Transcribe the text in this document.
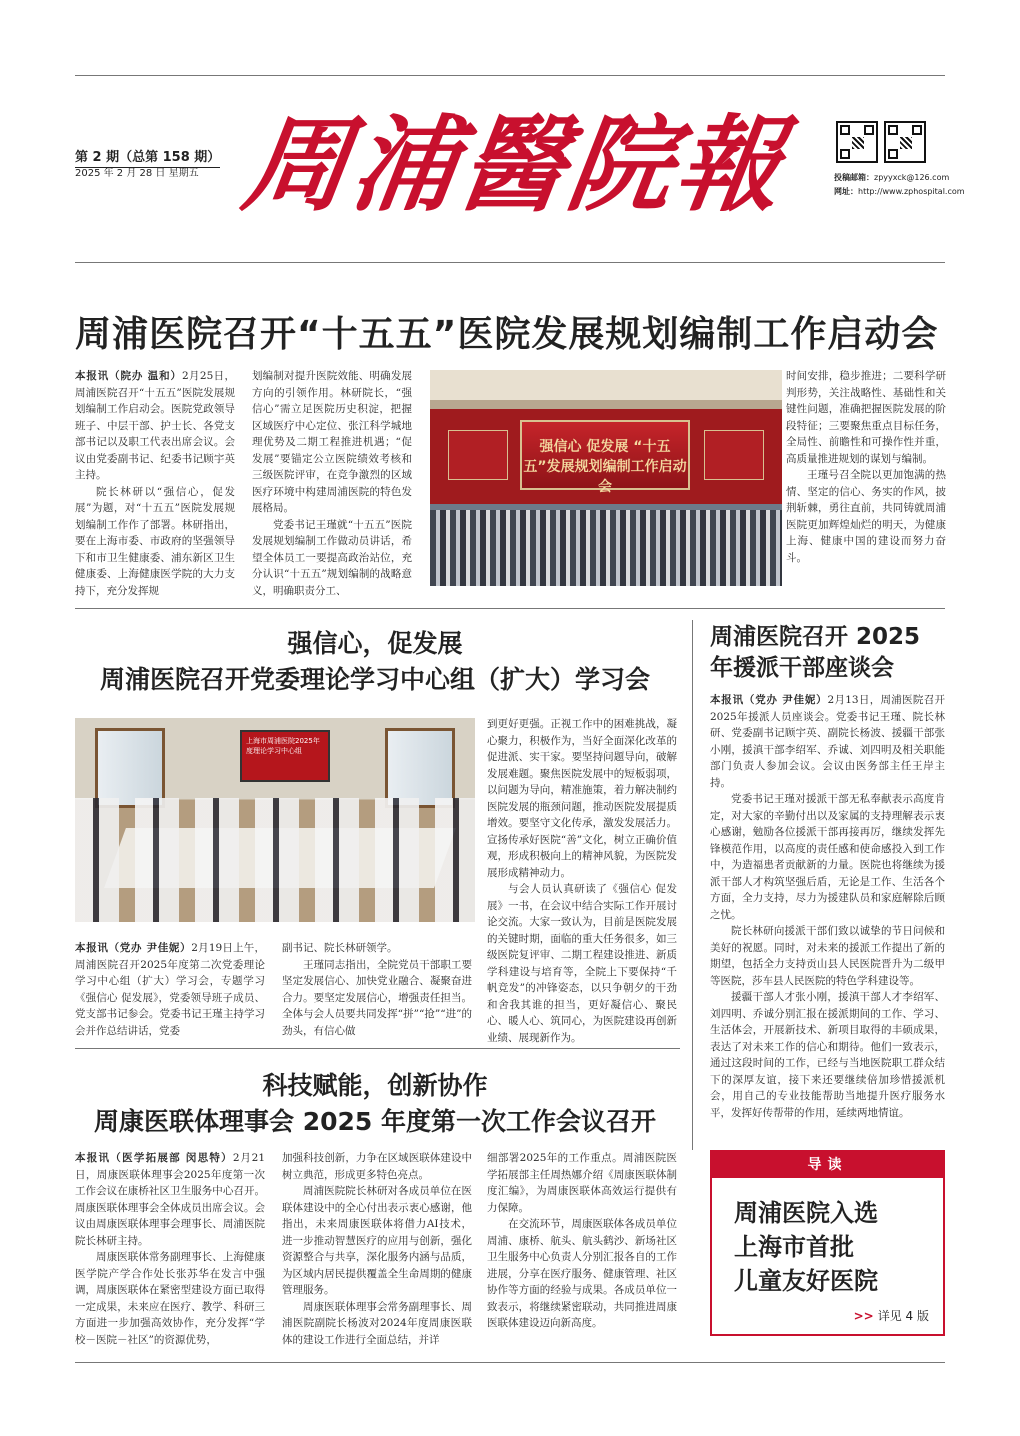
第 2 期（总第 158 期）
2025 年 2 月 28 日 星期五 周浦醫院報	投稿邮箱：zpyyxck@126.com
网址：http://www.zphospital.com
周浦医院召开“十五五”医院发展规划编制工作启动会

本报讯（院办 温和）2月25日，周浦医院召开“十五五”医院发展规划编制工作启动会。医院党政领导班子、中层干部、护士长、各党支部书记以及职工代表出席会议。会议由党委副书记、纪委书记顾宇英主持。

院长林研以“强信心，促发展”为题，对“十五五”医院发展规划编制工作作了部署。林研指出，要在上海市委、市政府的坚强领导下和市卫生健康委、浦东新区卫生健康委、上海健康医学院的大力支持下，充分发挥规

划编制对提升医院效能、明确发展方向的引领作用。林研院长，“强信心”需立足医院历史积淀，把握区域医疗中心定位、张江科学城地理优势及二期工程推进机遇；“促发展”要锚定公立医院绩效考核和三级医院评审，在竞争激烈的区域医疗环境中构建周浦医院的特色发展格局。

党委书记王瑾就“十五五”医院发展规划编制工作做动员讲话，希望全体员工一要提高政治站位，充分认识“十五五”规划编制的战略意义，明确职责分工、

强信心 促发展 “十五五”发展规划编制工作启动会

时间安排，稳步推进；二要科学研判形势，关注战略性、基础性和关键性问题，准确把握医院发展的阶段特征；三要聚焦重点目标任务，全局性、前瞻性和可操作性并重，高质量推进规划的谋划与编制。

王瑾号召全院以更加饱满的热情、坚定的信心、务实的作风，披荆斩棘，勇往直前，共同铸就周浦医院更加辉煌灿烂的明天，为健康上海、健康中国的建设而努力奋斗。

强信心，促发展
周浦医院召开党委理论学习中心组（扩大）学习会
上海市周浦医院2025年度理论学习中心组

到更好更强。正视工作中的困难挑战，凝心聚力，积极作为，当好全面深化改革的促进派、实干家。要坚持问题导向，破解发展难题。聚焦医院发展中的短板弱项，以问题为导向，精准施策，着力解决制约医院发展的瓶颈问题，推动医院发展提质增效。要坚守文化传承，激发发展活力。宣扬传承好医院“善”文化，树立正确价值观，形成积极向上的精神风貌，为医院发展形成精神动力。

与会人员认真研读了《强信心 促发展》一书，在会议中结合实际工作开展讨论交流。大家一致认为，目前是医院发展的关键时期，面临的重大任务很多，如三级医院复评审、二期工程建设推进、新质学科建设与培育等，全院上下要保持“千帆竞发”的冲锋姿态，以只争朝夕的干劲和舍我其谁的担当，更好凝信心、聚民心、暖人心、筑同心，为医院建设再创新业绩、展现新作为。

本报讯（党办 尹佳妮）2月19日上午，周浦医院召开2025年度第二次党委理论学习中心组（扩大）学习会，专题学习《强信心 促发展》，党委领导班子成员、党支部书记参会。党委书记王瑾主持学习会并作总结讲话，党委

副书记、院长林研领学。

王瑾同志指出，全院党员干部职工要坚定发展信心、加快党业融合、凝聚奋进合力。要坚定发展信心，增强责任担当。全体与会人员要共同发挥“拼”“抢”“进”的劲头，有信心做

周浦医院召开 2025 年援派干部座谈会

本报讯（党办 尹佳妮）2月13日，周浦医院召开2025年援派人员座谈会。党委书记王瑾、院长林研、党委副书记顾宇英、副院长杨波、援疆干部张小刚，援滇干部李绍军、乔诚、刘四明及相关职能部门负责人参加会议。会议由医务部主任王岸主持。

党委书记王瑾对援派干部无私奉献表示高度肯定，对大家的辛勤付出以及家属的支持理解表示衷心感谢，勉励各位援派干部再接再厉，继续发挥先锋模范作用，以高度的责任感和使命感投入到工作中，为造福患者贡献新的力量。医院也将继续为援派干部人才构筑坚强后盾，无论是工作、生活各个方面，全力支持，尽力为援建队员和家庭解除后顾之忧。

院长林研向援派干部们致以诚挚的节日问候和美好的祝愿。同时，对未来的援派工作提出了新的期望，包括全力支持贡山县人民医院晋升为二级甲等医院，莎车县人民医院的特色学科建设等。

援疆干部人才张小刚，援滇干部人才李绍军、刘四明、乔诚分别汇报在援派期间的工作、学习、生活体会，开展新技术、新项目取得的丰硕成果，表达了对未来工作的信心和期待。他们一致表示，通过这段时间的工作，已经与当地医院职工群众结下的深厚友谊，接下来还要继续倍加珍惜援派机会，用自己的专业技能帮助当地提升医疗服务水平，发挥好传帮带的作用，延续两地情谊。

科技赋能，创新协作
周康医联体理事会 2025 年度第一次工作会议召开

本报讯（医学拓展部 闵思特）2月21日，周康医联体理事会2025年度第一次工作会议在康桥社区卫生服务中心召开。周康医联体理事会全体成员出席会议。会议由周康医联体理事会理事长、周浦医院院长林研主持。

周康医联体常务副理事长、上海健康医学院产学合作处长张苏华在发言中强调，周康医联体在紧密型建设方面已取得一定成果，未来应在医疗、教学、科研三方面进一步加强高效协作，充分发挥“学校－医院－社区”的资源优势，

加强科技创新，力争在区域医联体建设中树立典范，形成更多特色亮点。

周浦医院院长林研对各成员单位在医联体建设中的全心付出表示衷心感谢，他指出，未来周康医联体将借力AI技术，进一步推动智慧医疗的应用与创新，强化资源整合与共享，深化服务内涵与品质，为区域内居民提供覆盖全生命周期的健康管理服务。

周康医联体理事会常务副理事长、周浦医院副院长杨波对2024年度周康医联体的建设工作进行全面总结，并详

细部署2025年的工作重点。周浦医院医学拓展部主任周热娜介绍《周康医联体制度汇编》，为周康医联体高效运行提供有力保障。

在交流环节，周康医联体各成员单位周浦、康桥、航头、航头鹤沙、新场社区卫生服务中心负责人分别汇报各自的工作进展，分享在医疗服务、健康管理、社区协作等方面的经验与成果。各成员单位一致表示，将继续紧密联动，共同推进周康医联体建设迈向新高度。

导读
周浦医院入选
上海市首批
儿童友好医院
>> 详见 4 版
